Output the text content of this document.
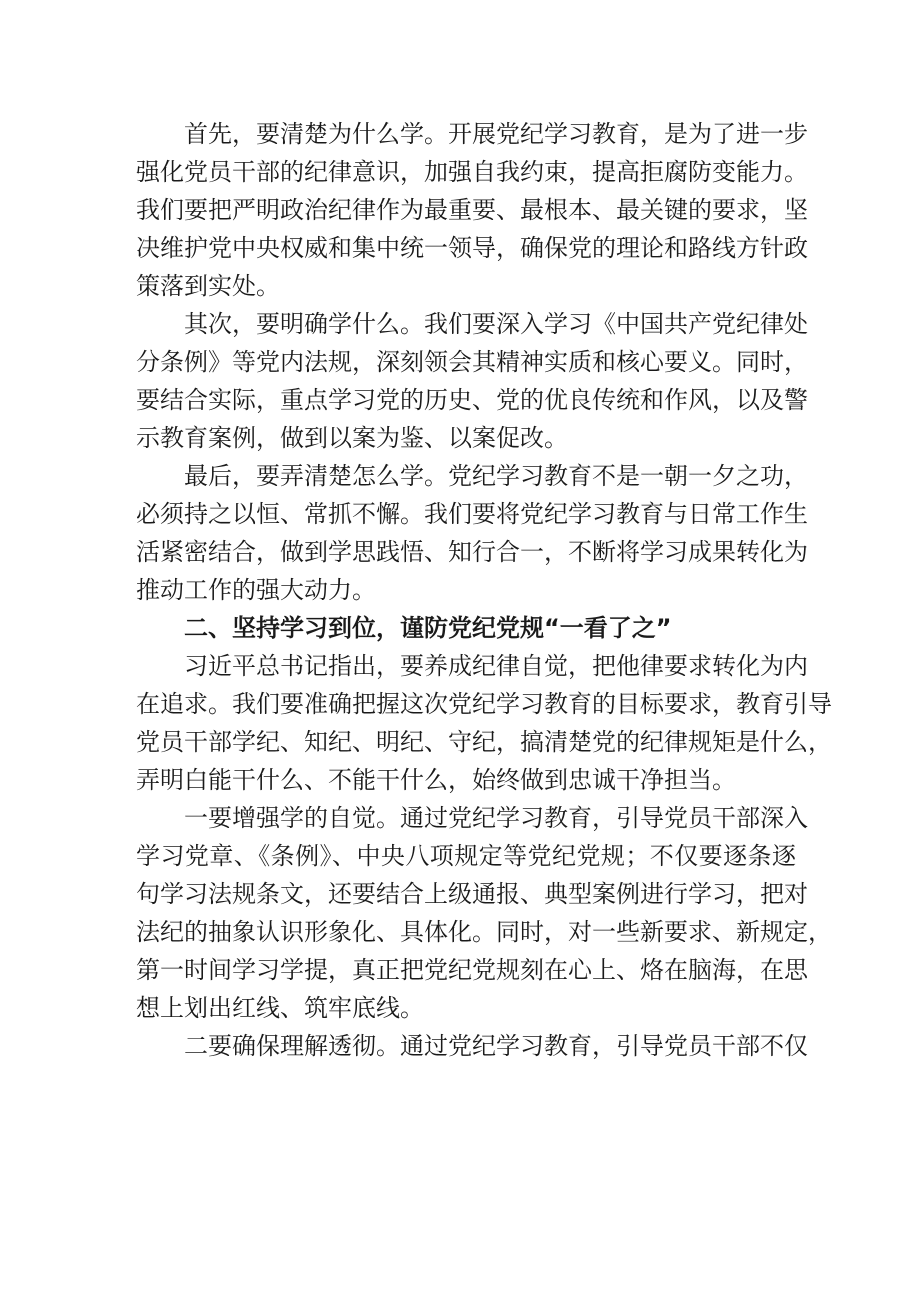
首先，要清楚为什么学。开展党纪学习教育，是为了进一步
强化党员干部的纪律意识，加强自我约束，提高拒腐防变能力。
我们要把严明政治纪律作为最重要、最根本、最关键的要求，坚
决维护党中央权威和集中统一领导，确保党的理论和路线方针政
策落到实处。
其次，要明确学什么。我们要深入学习《中国共产党纪律处
分条例》等党内法规，深刻领会其精神实质和核心要义。同时，
要结合实际，重点学习党的历史、党的优良传统和作风，以及警
示教育案例，做到以案为鉴、以案促改。
最后，要弄清楚怎么学。党纪学习教育不是一朝一夕之功，
必须持之以恒、常抓不懈。我们要将党纪学习教育与日常工作生
活紧密结合，做到学思践悟、知行合一，不断将学习成果转化为
推动工作的强大动力。
二、坚持学习到位，谨防党纪党规“一看了之”
习近平总书记指出，要养成纪律自觉，把他律要求转化为内
在追求。我们要准确把握这次党纪学习教育的目标要求，教育引导
党员干部学纪、知纪、明纪、守纪，搞清楚党的纪律规矩是什么，
弄明白能干什么、不能干什么，始终做到忠诚干净担当。
一要增强学的自觉。通过党纪学习教育，引导党员干部深入
学习党章、《条例》、中央八项规定等党纪党规；不仅要逐条逐
句学习法规条文，还要结合上级通报、典型案例进行学习，把对
法纪的抽象认识形象化、具体化。同时，对一些新要求、新规定，
第一时间学习学提，真正把党纪党规刻在心上、烙在脑海，在思
想上划出红线、筑牢底线。
二要确保理解透彻。通过党纪学习教育，引导党员干部不仅
